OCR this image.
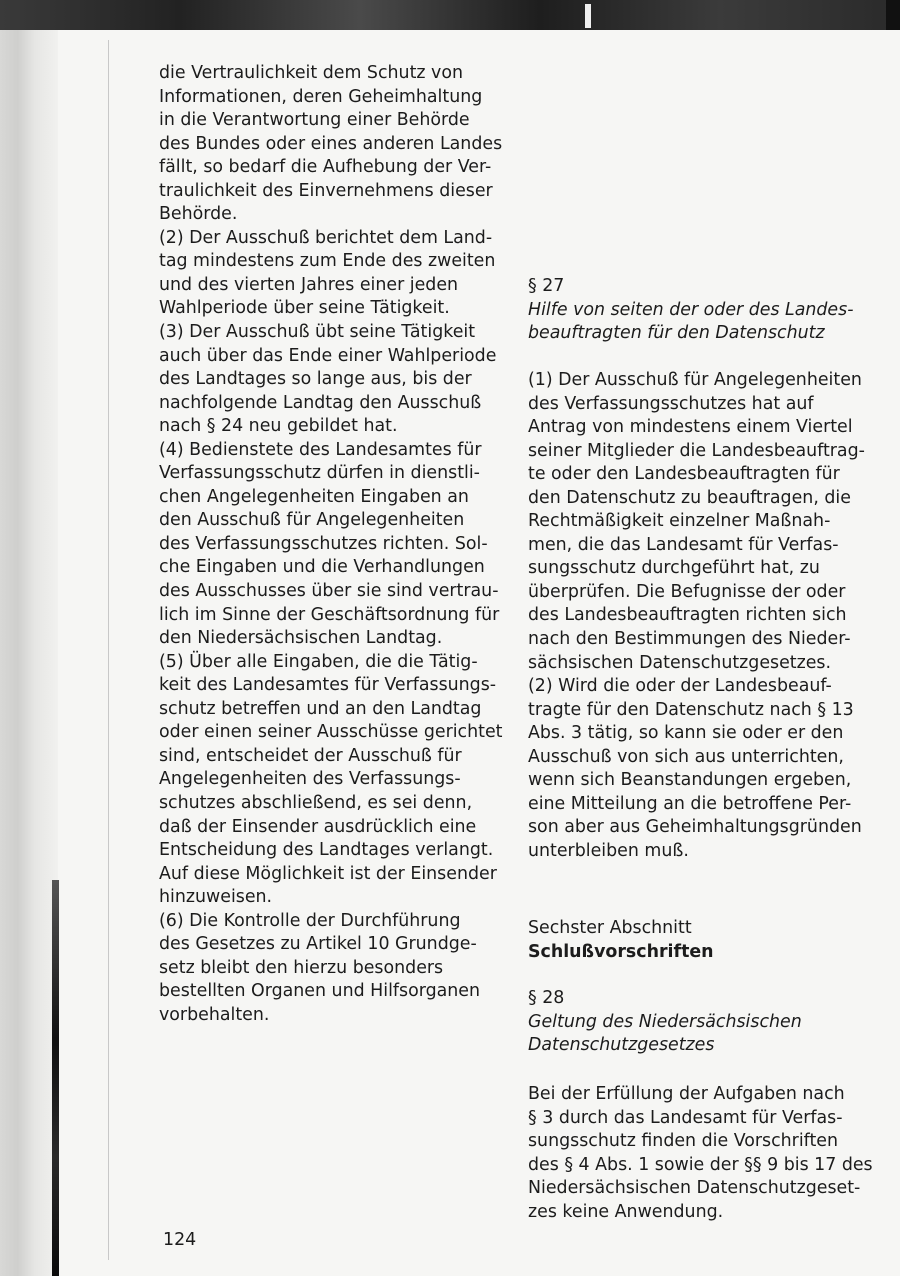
die Vertraulichkeit dem Schutz von
Informationen, deren Geheimhaltung
in die Verantwortung einer Behörde
des Bundes oder eines anderen Landes
fällt, so bedarf die Aufhebung der Ver-
traulichkeit des Einvernehmens dieser
Behörde.
(2) Der Ausschuß berichtet dem Land-
tag mindestens zum Ende des zweiten
und des vierten Jahres einer jeden
Wahlperiode über seine Tätigkeit.
(3) Der Ausschuß übt seine Tätigkeit
auch über das Ende einer Wahlperiode
des Landtages so lange aus, bis der
nachfolgende Landtag den Ausschuß
nach § 24 neu gebildet hat.
(4) Bedienstete des Landesamtes für
Verfassungsschutz dürfen in dienstli-
chen Angelegenheiten Eingaben an
den Ausschuß für Angelegenheiten
des Verfassungsschutzes richten. Sol-
che Eingaben und die Verhandlungen
des Ausschusses über sie sind vertrau-
lich im Sinne der Geschäftsordnung für
den Niedersächsischen Landtag.
(5) Über alle Eingaben, die die Tätig-
keit des Landesamtes für Verfassungs-
schutz betreffen und an den Landtag
oder einen seiner Ausschüsse gerichtet
sind, entscheidet der Ausschuß für
Angelegenheiten des Verfassungs-
schutzes abschließend, es sei denn,
daß der Einsender ausdrücklich eine
Entscheidung des Landtages verlangt.
Auf diese Möglichkeit ist der Einsender
hinzuweisen.
(6) Die Kontrolle der Durchführung
des Gesetzes zu Artikel 10 Grundge-
setz bleibt den hierzu besonders
bestellten Organen und Hilfsorganen
vorbehalten.
§ 27
Hilfe von seiten der oder des Landes-
beauftragten für den Datenschutz
(1) Der Ausschuß für Angelegenheiten
des Verfassungsschutzes hat auf
Antrag von mindestens einem Viertel
seiner Mitglieder die Landesbeauftrag-
te oder den Landesbeauftragten für
den Datenschutz zu beauftragen, die
Rechtmäßigkeit einzelner Maßnah-
men, die das Landesamt für Verfas-
sungsschutz durchgeführt hat, zu
überprüfen. Die Befugnisse der oder
des Landesbeauftragten richten sich
nach den Bestimmungen des Nieder-
sächsischen Datenschutzgesetzes.
(2) Wird die oder der Landesbeauf-
tragte für den Datenschutz nach § 13
Abs. 3 tätig, so kann sie oder er den
Ausschuß von sich aus unterrichten,
wenn sich Beanstandungen ergeben,
eine Mitteilung an die betroffene Per-
son aber aus Geheimhaltungsgründen
unterbleiben muß.
Sechster Abschnitt
Schlußvorschriften
§ 28
Geltung des Niedersächsischen
Datenschutzgesetzes
Bei der Erfüllung der Aufgaben nach
§ 3 durch das Landesamt für Verfas-
sungsschutz finden die Vorschriften
des § 4 Abs. 1 sowie der §§ 9 bis 17 des
Niedersächsischen Datenschutzgeset-
zes keine Anwendung.
124
